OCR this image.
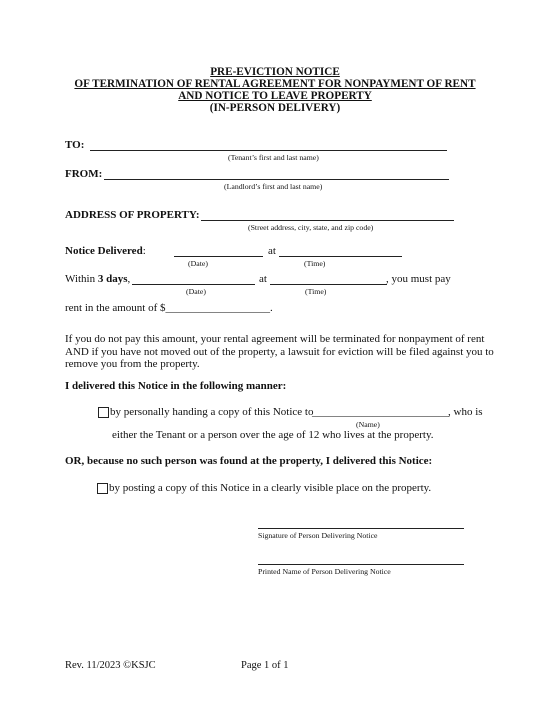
PRE-EVICTION NOTICE
OF TERMINATION OF RENTAL AGREEMENT FOR NONPAYMENT OF RENT
AND NOTICE TO LEAVE PROPERTY
(IN-PERSON DELIVERY)
TO:
(Tenant’s first and last name)
FROM:
(Landlord’s first and last name)
ADDRESS OF PROPERTY:
(Street address, city, state, and zip code)
Notice Delivered:	at
(Date)	(Time)
Within 3 days,	at	, you must pay
(Date)	(Time)
rent in the amount of $___________________.
If you do not pay this amount, your rental agreement will be terminated for nonpayment of rent AND if you have not moved out of the property, a lawsuit for eviction will be filed against you to remove you from the property.
I delivered this Notice in the following manner:
by personally handing a copy of this Notice to
_________________________
, who is
(Name)
either the Tenant or a person over the age of 12 who lives at the property.
OR, because no such person was found at the property, I delivered this Notice:
by posting a copy of this Notice in a clearly visible place on the property.
Signature of Person Delivering Notice
Printed Name of Person Delivering Notice
Rev. 11/2023 ©KSJC	Page 1 of 1
